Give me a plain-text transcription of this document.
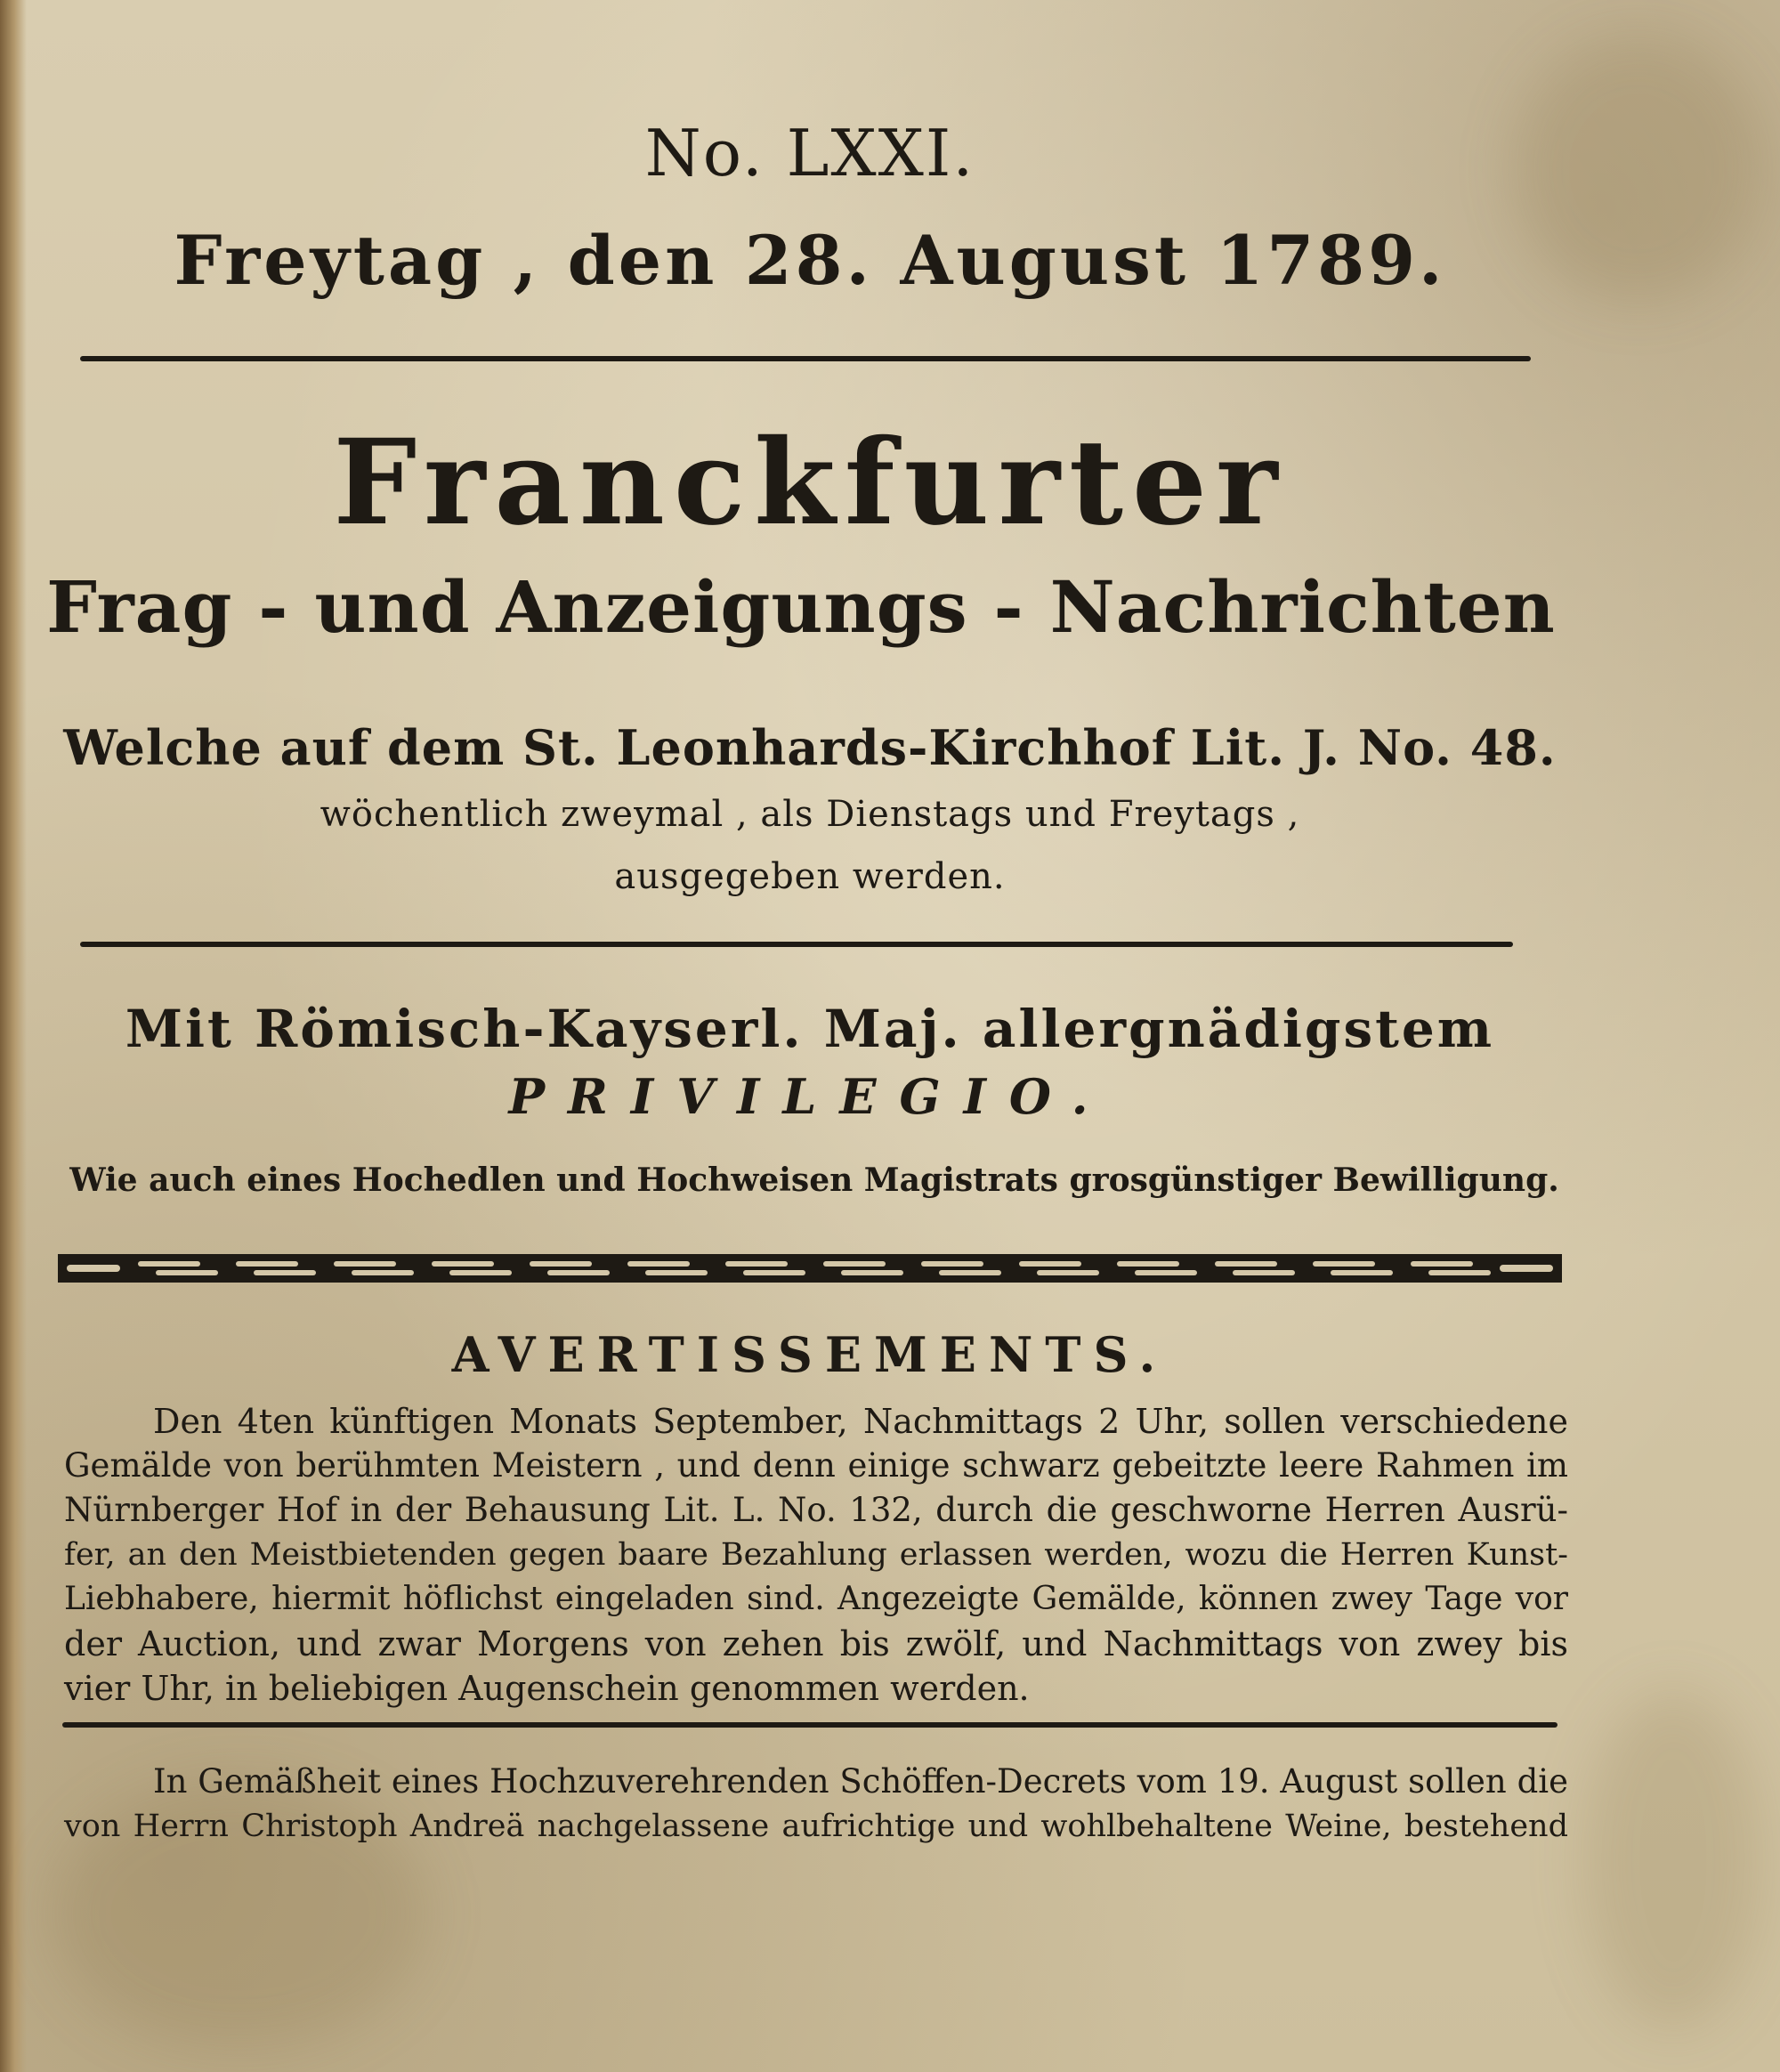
No. LXXI.
Freytag , den 28. August 1789.
Franckfurter
Frag - und Anzeigungs - Nachrichten
Welche auf dem St. Leonhards-Kirchhof Lit. J. No. 48.
wöchentlich zweymal , als Dienstags und Freytags ,
ausgegeben werden.
Mit Römisch-Kayserl. Maj. allergnädigstem
PRIVILEGIO.
Wie auch eines Hochedlen und Hochweisen Magistrats grosgünstiger Bewilligung.
AVERTISSEMENTS.
Den 4ten künftigen Monats September, Nachmittags 2 Uhr, sollen verschiedene
Gemälde von berühmten Meistern , und denn einige schwarz gebeitzte leere Rahmen im
Nürnberger Hof in der Behausung Lit. L. No. 132, durch die geschworne Herren Ausrü-
fer, an den Meistbietenden gegen baare Bezahlung erlassen werden, wozu die Herren Kunst-
Liebhabere, hiermit höflichst eingeladen sind. Angezeigte Gemälde, können zwey Tage vor
der Auction, und zwar Morgens von zehen bis zwölf, und Nachmittags von zwey bis
vier Uhr, in beliebigen Augenschein genommen werden.
In Gemäßheit eines Hochzuverehrenden Schöffen-Decrets vom 19. August sollen die
von Herrn Christoph Andreä nachgelassene aufrichtige und wohlbehaltene Weine, bestehend
